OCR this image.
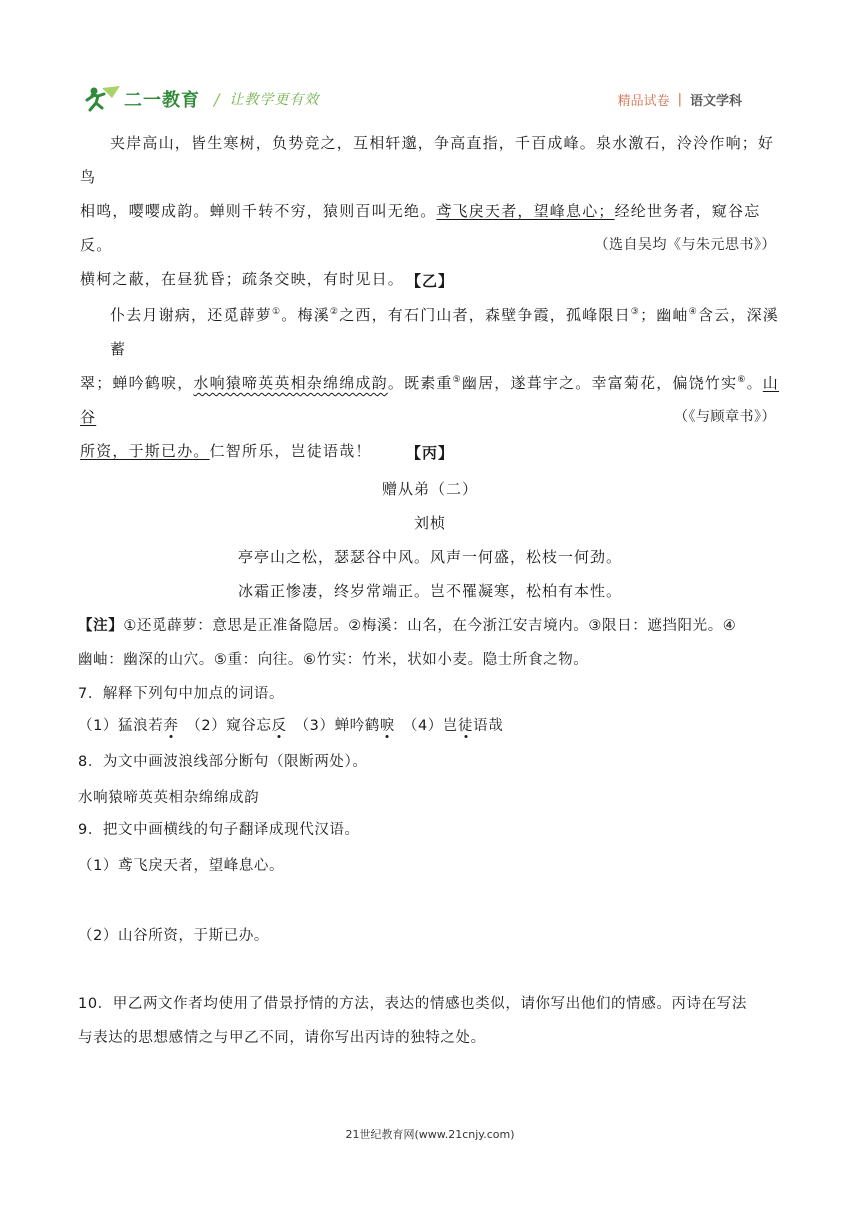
二一教育 / 让教学更有效	精品试卷 | 语文学科
夹岸高山，皆生寒树，负势竞之，互相轩邈，争高直指，千百成峰。泉水激石，泠泠作响；好鸟
相鸣，嘤嘤成韵。蝉则千转不穷，猿则百叫无绝。鸢飞戾天者，望峰息心；经纶世务者，窥谷忘反。
横柯之蔽，在昼犹昏；疏条交映，有时见日。
（选自吴均《与朱元思书》）
【乙】
仆去月谢病，还觅薜萝①。梅溪②之西，有石门山者，森壁争霞，孤峰限日③；幽岫④含云，深溪蓄
翠；蝉吟鹤唳，水响猿啼英英相杂绵绵成韵。既素重⑤幽居，遂葺宇之。幸富菊花，偏饶竹实⑥。山谷
所资，于斯已办。仁智所乐，岂徒语哉！
（《与顾章书》）
【丙】
赠从弟（二）
刘桢
亭亭山之松，瑟瑟谷中风。风声一何盛，松枝一何劲。
冰霜正惨凄，终岁常端正。岂不罹凝寒，松柏有本性。
【注】①还觅薜萝：意思是正准备隐居。②梅溪：山名，在今浙江安吉境内。③限日：遮挡阳光。④
幽岫：幽深的山穴。⑤重：向往。⑥竹实：竹米，状如小麦。隐士所食之物。
7．解释下列句中加点的词语。
（1）猛浪若奔　（2）窥谷忘反　（3）蝉吟鹤唳　（4）岂徒语哉
8．为文中画波浪线部分断句（限断两处）。
水响猿啼英英相杂绵绵成韵
9．把文中画横线的句子翻译成现代汉语。
（1）鸢飞戾天者，望峰息心。
（2）山谷所资，于斯已办。
10．甲乙两文作者均使用了借景抒情的方法，表达的情感也类似，请你写出他们的情感。丙诗在写法
与表达的思想感情之与甲乙不同，请你写出丙诗的独特之处。
21世纪教育网(www.21cnjy.com)
